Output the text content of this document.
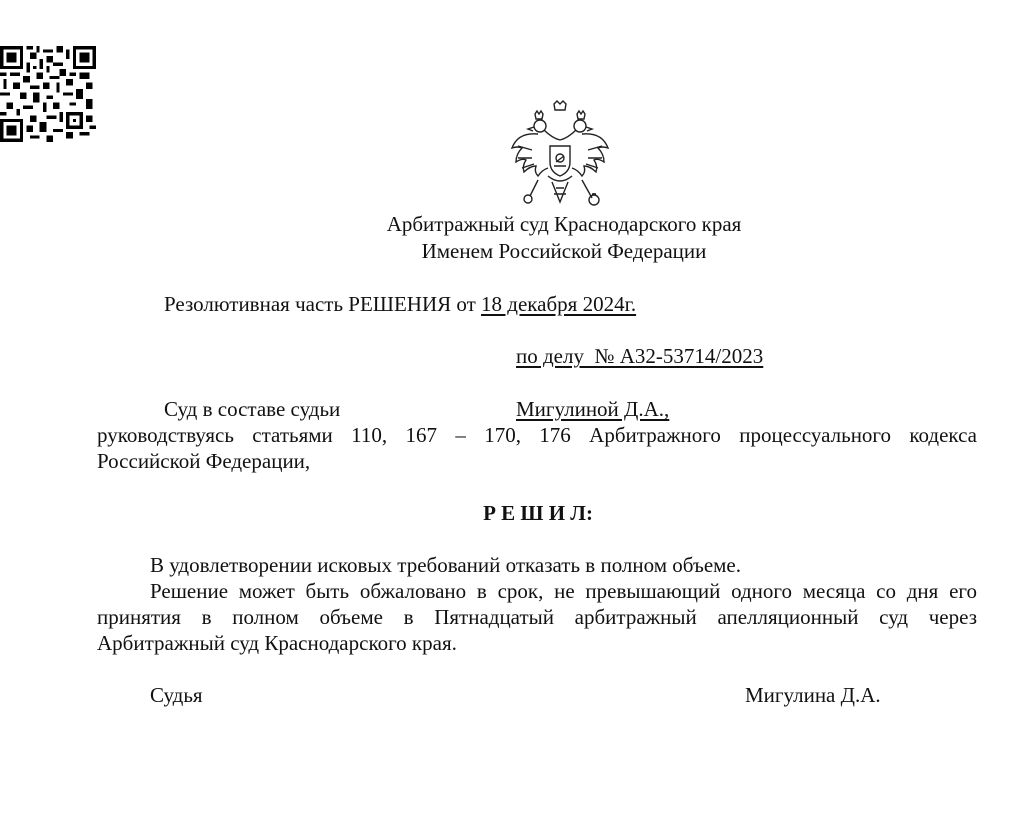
Арбитражный суд Краснодарского края
Именем Российской Федерации
Резолютивная часть РЕШЕНИЯ от 18 декабря 2024г.
по делу  № А32-53714/2023
Суд в составе судьи	Мигулиной Д.А.,
руководствуясь статьями 110, 167 – 170, 176 Арбитражного процессуального кодекса
Российской Федерации,
Р Е Ш И Л:
В удовлетворении исковых требований отказать в полном объеме.
Решение может быть обжаловано в срок, не превышающий одного месяца со дня его
принятия в полном объеме в Пятнадцатый арбитражный апелляционный суд через
Арбитражный суд Краснодарского края.
Судья	Мигулина Д.А.
